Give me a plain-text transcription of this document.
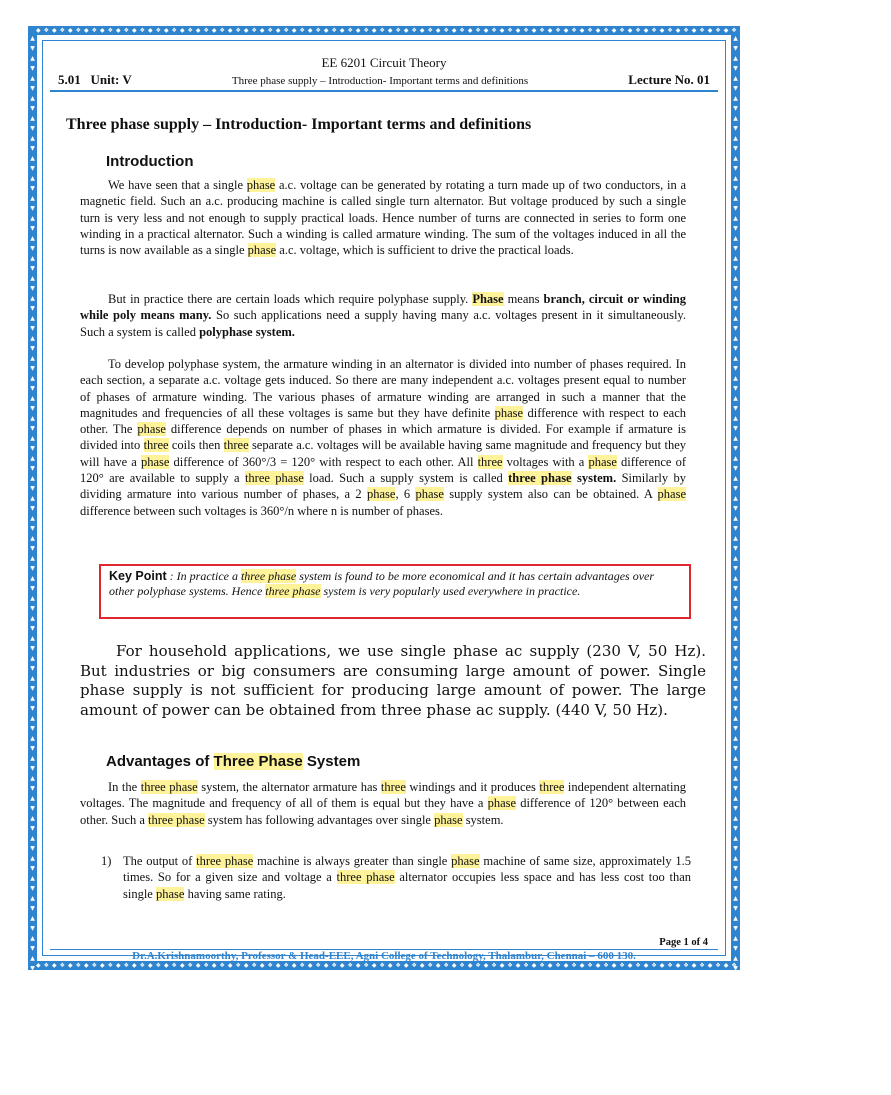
◆❖◆❖◆❖◆❖◆❖◆❖◆❖◆❖◆❖◆❖◆❖◆❖◆❖◆❖◆❖◆❖◆❖◆❖◆❖◆❖◆❖◆❖◆❖◆❖◆❖◆❖◆❖◆❖◆❖◆❖◆❖◆❖◆❖◆❖◆❖◆❖◆❖◆❖◆❖◆❖◆❖◆❖◆❖◆❖◆❖◆❖◆❖◆❖◆❖◆❖◆❖◆❖◆
◆❖◆❖◆❖◆❖◆❖◆❖◆❖◆❖◆❖◆❖◆❖◆❖◆❖◆❖◆❖◆❖◆❖◆❖◆❖◆❖◆❖◆❖◆❖◆❖◆❖◆❖◆❖◆❖◆❖◆❖◆❖◆❖◆❖◆❖◆❖◆❖◆❖◆❖◆❖◆❖◆❖◆❖◆❖◆❖◆❖◆❖◆❖◆❖◆❖◆❖◆❖◆❖◆❖◆
▲▼▲▼▲▼▲▼▲▼▲▼▲▼▲▼▲▼▲▼▲▼▲▼▲▼▲▼▲▼▲▼▲▼▲▼▲▼▲▼▲▼▲▼▲▼▲▼▲▼▲▼▲▼▲▼▲▼▲▼▲▼▲▼▲▼▲▼▲▼▲▼▲▼▲▼▲▼▲▼▲▼▲▼▲▼▲▼▲▼▲▼▲▼▲▼▲▼▲▼▲▼▲▼▲▼	▲▼▲▼▲▼▲▼▲▼▲▼▲▼▲▼▲▼▲▼▲▼▲▼▲▼▲▼▲▼▲▼▲▼▲▼▲▼▲▼▲▼▲▼▲▼▲▼▲▼▲▼▲▼▲▼▲▼▲▼▲▼▲▼▲▼▲▼▲▼▲▼▲▼▲▼▲▼▲▼▲▼▲▼▲▼▲▼▲▼▲▼▲▼▲▼▲▼▲▼▲▼▲▼▲▼
EE 6201 Circuit Theory
5.01   Unit: V	Three phase supply – Introduction- Important terms and definitions	Lecture No. 01
Three phase supply – Introduction- Important terms and definitions
Introduction

We have seen that a single phase a.c. voltage can be generated by rotating a turn made up of two conductors, in a magnetic field. Such an a.c. producing machine is called single turn alternator. But voltage produced by such a single turn is very less and not enough to supply practical loads. Hence number of turns are connected in series to form one winding in a practical alternator. Such a winding is called armature winding. The sum of the voltages induced in all the turns is now available as a single phase a.c. voltage, which is sufficient to drive the practical loads.

But in practice there are certain loads which require polyphase supply. Phase means branch, circuit or winding while poly means many. So such applications need a supply having many a.c. voltages present in it simultaneously. Such a system is called polyphase system.

To develop polyphase system, the armature winding in an alternator is divided into number of phases required. In each section, a separate a.c. voltage gets induced. So there are many independent a.c. voltages present equal to number of phases of armature winding. The various phases of armature winding are arranged in such a manner that the magnitudes and frequencies of all these voltages is same but they have definite phase difference with respect to each other. The phase difference depends on number of phases in which armature is divided. For example if armature is divided into three coils then three separate a.c. voltages will be available having same magnitude and frequency but they will have a phase difference of 360°/3 = 120° with respect to each other. All three voltages with a phase difference of 120° are available to supply a three phase load. Such a supply system is called three phase system. Similarly by dividing armature into various number of phases, a 2 phase, 6 phase supply system also can be obtained. A phase difference between such voltages is 360°/n where n is number of phases.

Key Point : In practice a three phase system is found to be more economical and it has certain advantages over other polyphase systems. Hence three phase system is very popularly used everywhere in practice.

For household applications, we use single phase ac supply (230 V, 50 Hz). But industries or big consumers are consuming large amount of power. Single phase supply is not sufficient for producing large amount of power. The large amount of power can be obtained from three phase ac supply. (440 V, 50 Hz).

Advantages of Three Phase System

In the three phase system, the alternator armature has three windings and it produces three independent alternating voltages. The magnitude and frequency of all of them is equal but they have a phase difference of 120° between each other. Such a three phase system has following advantages over single phase system.

1) The output of three phase machine is always greater than single phase machine of same size, approximately 1.5 times. So for a given size and voltage a three phase alternator occupies less space and has less cost too than single phase having same rating.
Page 1 of 4
Dr.A.Krishnamoorthy, Professor & Head-EEE, Agni College of Technology, Thalambur, Chennai – 600 130.
